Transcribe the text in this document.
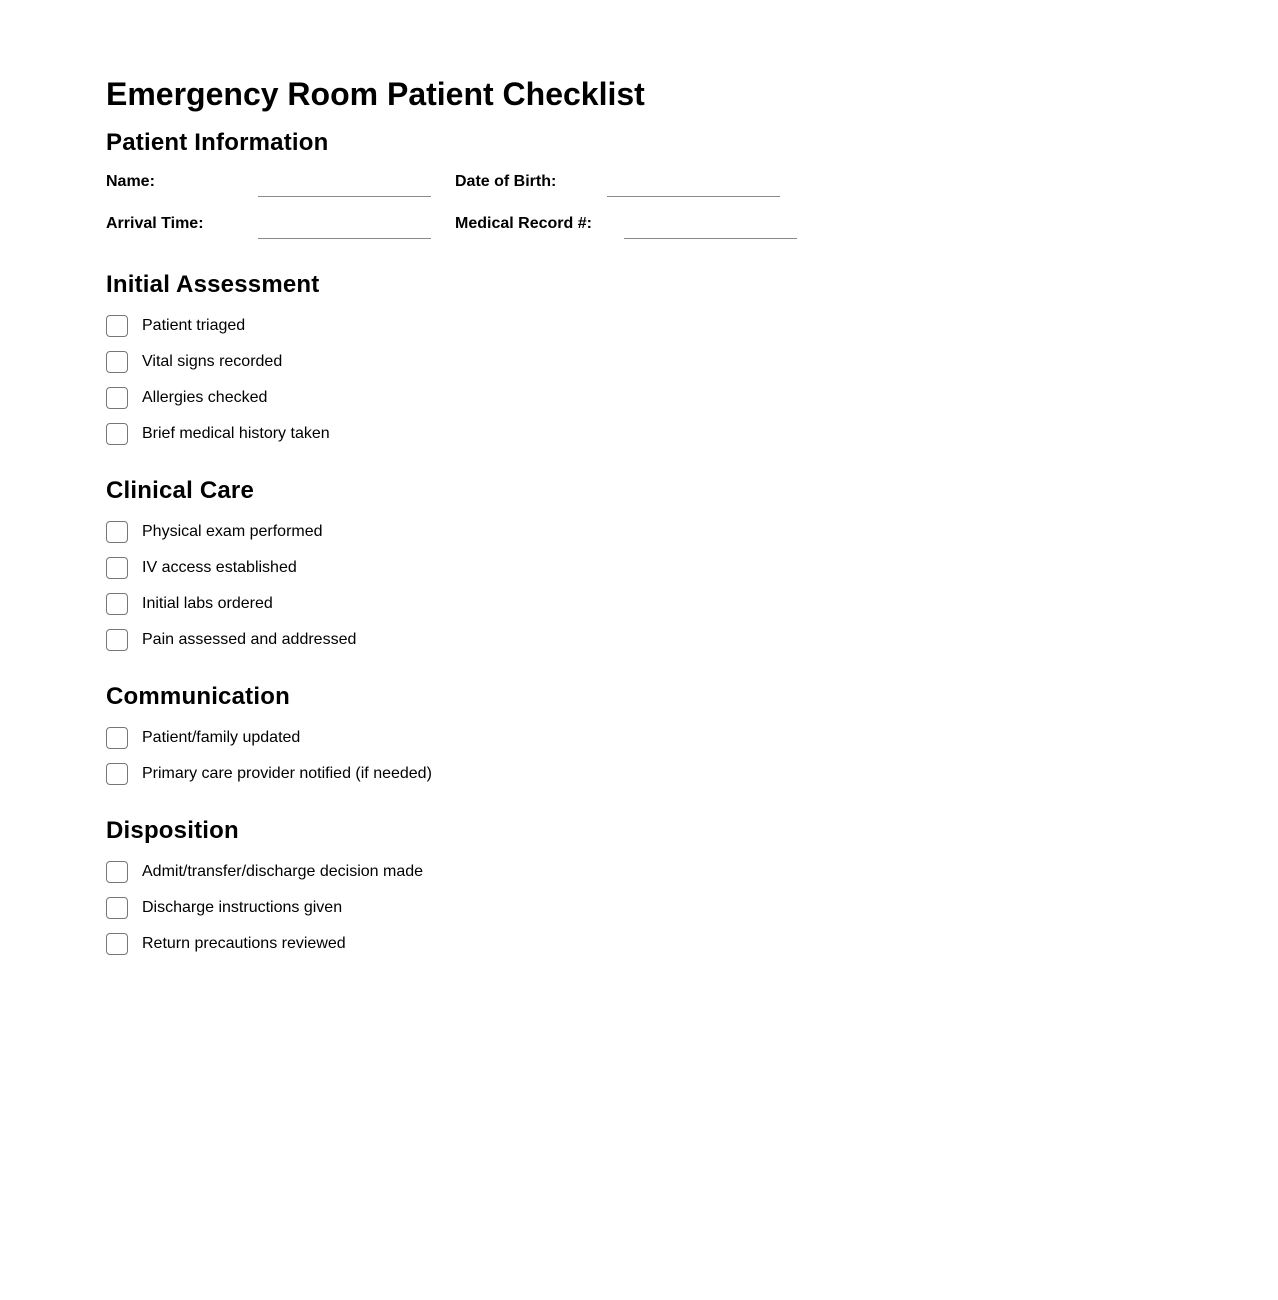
Emergency Room Patient Checklist
Patient Information
Name:	Date of Birth:
Arrival Time:	Medical Record #:
Initial Assessment
Patient triaged
Vital signs recorded
Allergies checked
Brief medical history taken
Clinical Care
Physical exam performed
IV access established
Initial labs ordered
Pain assessed and addressed
Communication
Patient/family updated
Primary care provider notified (if needed)
Disposition
Admit/transfer/discharge decision made
Discharge instructions given
Return precautions reviewed
